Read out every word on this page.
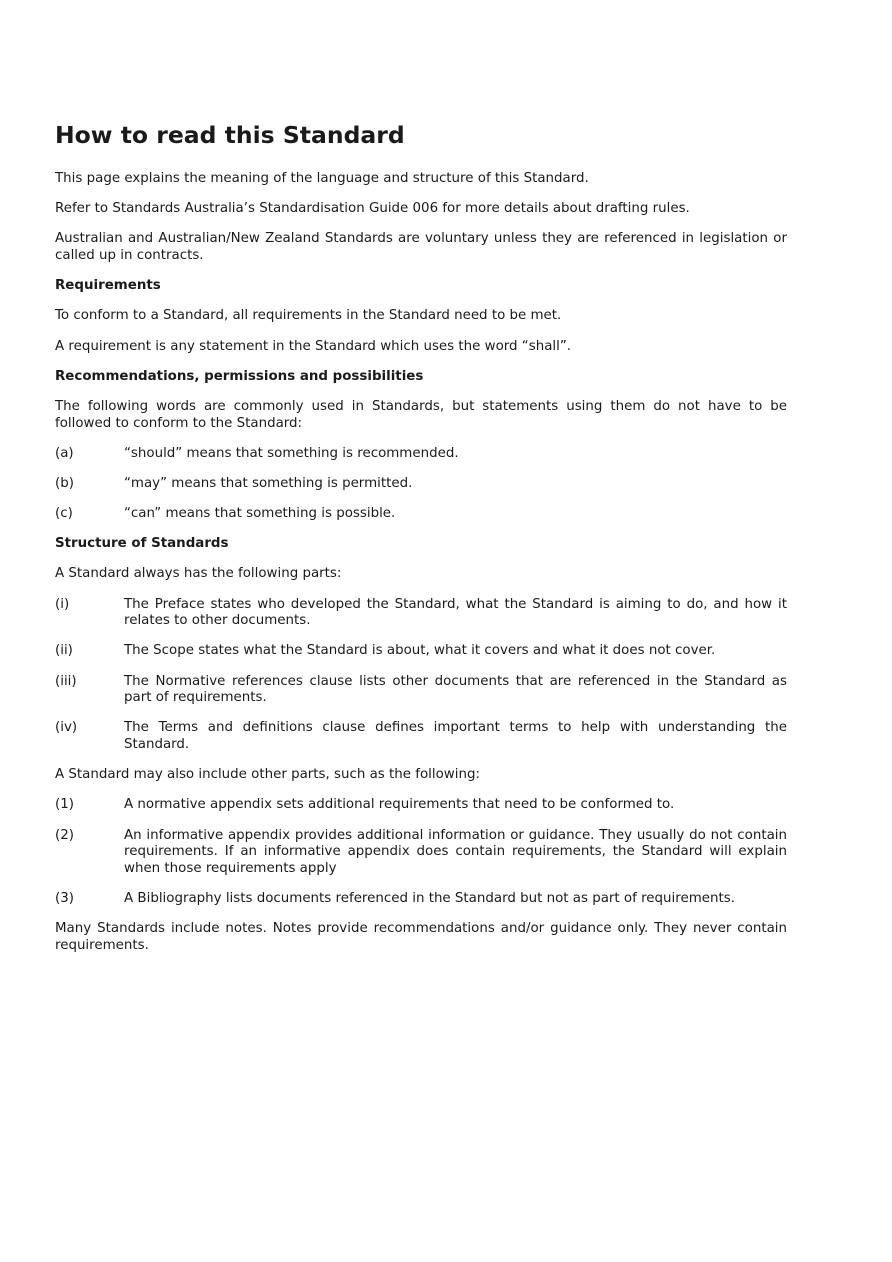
How to read this Standard

This page explains the meaning of the language and structure of this Standard.

Refer to Standards Australia’s Standardisation Guide 006 for more details about drafting rules.

Australian and Australian/New Zealand Standards are voluntary unless they are referenced in legislation or called up in contracts.

Requirements

To conform to a Standard, all requirements in the Standard need to be met.

A requirement is any statement in the Standard which uses the word “shall”.

Recommendations, permissions and possibilities

The following words are commonly used in Standards, but statements using them do not have to be followed to conform to the Standard:

(a)	“should” means that something is recommended.
(b)	“may” means that something is permitted.
(c)	“can” means that something is possible.

Structure of Standards

A Standard always has the following parts:

(i)	The Preface states who developed the Standard, what the Standard is aiming to do, and how it relates to other documents.
(ii)	The Scope states what the Standard is about, what it covers and what it does not cover.
(iii)	The Normative references clause lists other documents that are referenced in the Standard as part of requirements.
(iv)	The Terms and definitions clause defines important terms to help with understanding the Standard.

A Standard may also include other parts, such as the following:

(1)	A normative appendix sets additional requirements that need to be conformed to.
(2)	An informative appendix provides additional information or guidance. They usually do not contain requirements. If an informative appendix does contain requirements, the Standard will explain when those requirements apply
(3)	A Bibliography lists documents referenced in the Standard but not as part of requirements.

Many Standards include notes. Notes provide recommendations and/or guidance only. They never contain requirements.
